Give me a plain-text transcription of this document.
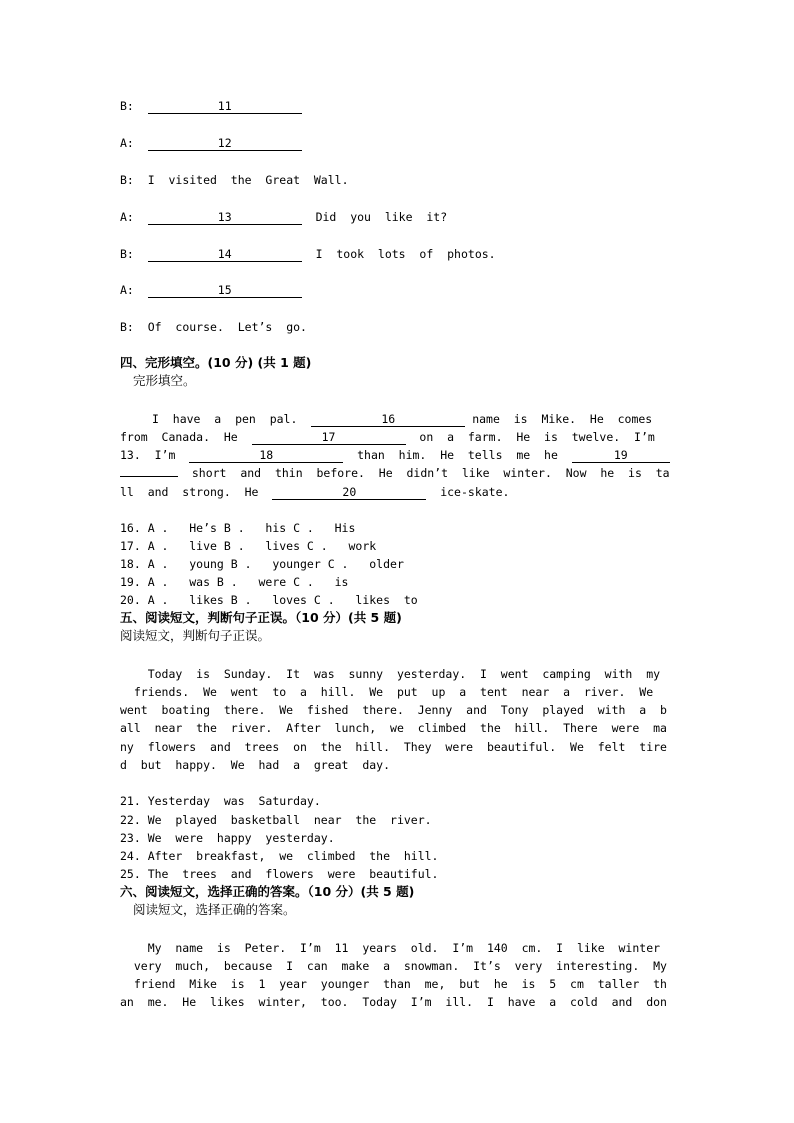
B:	11
A:	12
B: I  visited  the  Great  Wall.
A:	13	Did  you  like  it?
B:	14	I  took  lots  of  photos.
A:	15
B: Of  course.  Let’s  go.
四、完形填空。(10 分) (共 1 题)
完形填空。
I  have  a  pen  pal.	16	name  is  Mike.  He  comes
from  Canada.  He	17	on  a  farm.  He  is  twelve.  I’m
13.  I’m	18	than  him.  He  tells  me  he	19
short  and  thin  before.  He  didn’t  like  winter.  Now  he  is  ta
ll  and  strong.  He	20	ice-skate.
16. A .   He’s B .   his C .   His
17. A .   live B .   lives C .   work
18. A .   young B .   younger C .   older
19. A .   was B .   were C .   is
20. A .   likes B .   loves C .   likes  to
五、阅读短文，判断句子正误。（10 分）(共 5 题)
阅读短文，判断句子正误。
Today  is  Sunday.  It  was  sunny  yesterday.  I  went  camping  with  my
friends.  We  went  to  a  hill.  We  put  up  a  tent  near  a  river.  We
went  boating  there.  We  fished  there.  Jenny  and  Tony  played  with  a  b
all  near  the  river.  After  lunch,  we  climbed  the  hill.  There  were  ma
ny  flowers  and  trees  on  the  hill.  They  were  beautiful.  We  felt  tire
d  but  happy.  We  had  a  great  day.
21. Yesterday  was  Saturday.
22. We  played  basketball  near  the  river.
23. We  were  happy  yesterday.
24. After  breakfast,  we  climbed  the  hill.
25. The  trees  and  flowers  were  beautiful.
六、阅读短文，选择正确的答案。（10 分）(共 5 题)
阅读短文，选择正确的答案。
My  name  is  Peter.  I’m  11  years  old.  I’m  140  cm.  I  like  winter
very  much,  because  I  can  make  a  snowman.  It’s  very  interesting.  My
friend  Mike  is  1  year  younger  than  me,  but  he  is  5  cm  taller  th
an  me.  He  likes  winter,  too.  Today  I’m  ill.  I  have  a  cold  and  don
